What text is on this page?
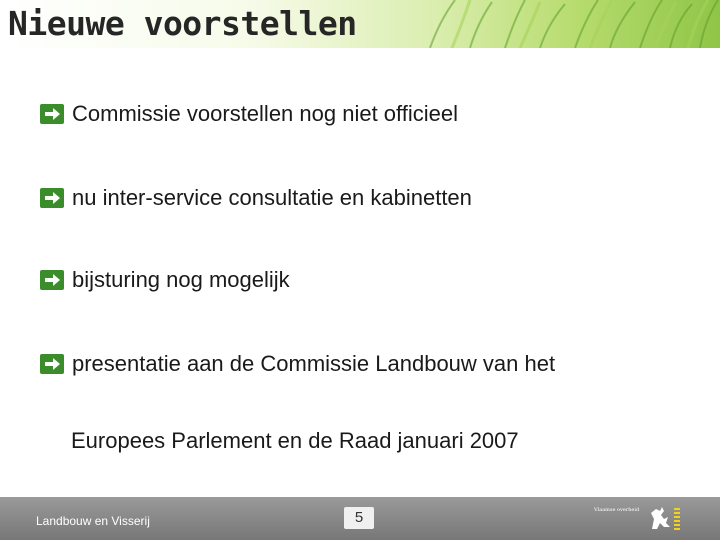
Nieuwe voorstellen
Commissie voorstellen nog niet officieel
nu inter-service consultatie en kabinetten
bijsturing nog mogelijk
presentatie aan de Commissie Landbouw van het
Europees Parlement en de Raad januari 2007
Landbouw en Visserij	5	Vlaamse overheid
